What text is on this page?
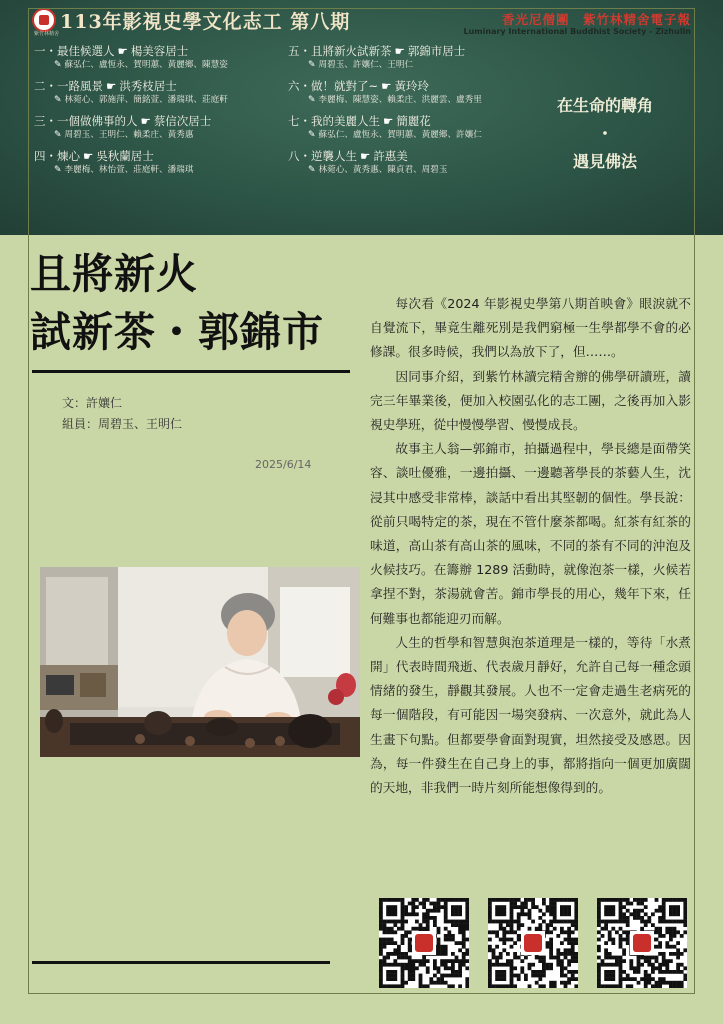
紫竹林精舍
113年影視史學文化志工 第八期	香光尼僧團　紫竹林精舍電子報
Luminary International Buddhist Society - Zizhulin
一・最佳候選人 ☛ 楊美容居士
✎ 蘇弘仁、盧恆永、賀明蕙、黃麗鄉、陳慧姿
二・一路風景 ☛ 洪秀枝居士
✎ 林菀心、郭施萍、簡銘萱、潘瑞琪、莊庭軒
三・一個做佛事的人 ☛ 蔡信次居士
✎ 周碧玉、王明仁、賴柔庄、黃秀惠
四・煉心 ☛ 吳秋蘭居士
✎ 李麗梅、林怡萱、莊庭軒、潘瑞琪
五・且將新火試新茶 ☛ 郭錦市居士
✎ 周碧玉、許孃仁、王明仁
六・做！就對了~ ☛ 黃玲玲
✎ 李麗梅、陳慧姿、賴柔庄、洪麗雲、盧秀里
七・我的美麗人生 ☛ 簡麗花
✎ 蘇弘仁、盧恆永、賀明蕙、黃麗鄉、許孃仁
八・逆襲人生 ☛ 許惠美
✎ 林菀心、黃秀惠、陳貞君、周碧玉
在生命的轉角
・
遇見佛法
且將新火
試新茶・郭錦市
文：許孃仁
組員：周碧玉、王明仁
2025/6/14

每次看《2024 年影視史學第八期首映會》眼淚就不自覺流下，畢竟生離死別是我們窮極一生學都學不會的必修課。很多時候，我們以為放下了，但……。

因同事介紹，到紫竹林讀完精舍辦的佛學研讀班，讀完三年畢業後，便加入校園弘化的志工團，之後再加入影視史學班，從中慢慢學習、慢慢成長。

故事主人翁—郭錦市，拍攝過程中，學長總是面帶笑容、談吐優雅，一邊拍攝、一邊聽著學長的茶藝人生，沈浸其中感受非常棒，談話中看出其堅韌的個性。學長說：從前只喝特定的茶，現在不管什麼茶都喝。紅茶有紅茶的味道，高山茶有高山茶的風味，不同的茶有不同的沖泡及火候技巧。在籌辦 1289 活動時，就像泡茶一樣，火候若拿捏不對，茶湯就會苦。錦市學長的用心，幾年下來，任何難事也都能迎刃而解。

人生的哲學和智慧與泡茶道理是一樣的，等待「水煮開」代表時間飛逝、代表歲月靜好，允許自己每一種念頭情緒的發生，靜觀其發展。人也不一定會走過生老病死的每一個階段，有可能因一場突發病、一次意外，就此為人生畫下句點。但都要學會面對現實，坦然接受及感恩。因為，每一件發生在自己身上的事，都將指向一個更加廣闊的天地，非我們一時片刻所能想像得到的。
